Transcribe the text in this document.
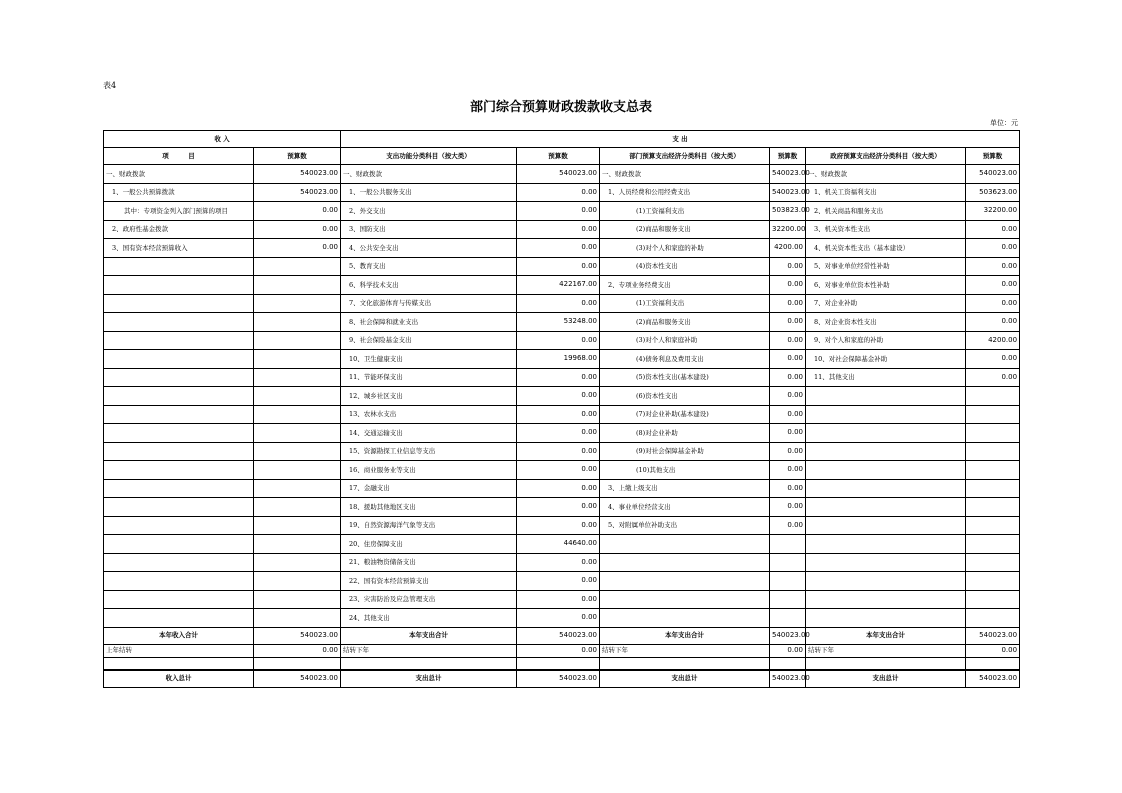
表4
部门综合预算财政拨款收支总表
单位：元
收 入		支 出					
项　　　目	预算数	支出功能分类科目（按大类）	预算数	部门预算支出经济分类科目（按大类）	预算数	政府预算支出经济分类科目（按大类）	预算数
一、财政拨款	540023.00	一、财政拨款	540023.00	一、财政拨款	540023.00	一、财政拨款	540023.00
1、一般公共预算拨款	540023.00	1、一般公共服务支出	0.00	1、人员经费和公用经费支出	540023.00	1、机关工资福利支出	503623.00
其中：专项资金列入部门预算的项目	0.00	2、外交支出	0.00	(1)工资福利支出	503823.00	2、机关商品和服务支出	32200.00
2、政府性基金拨款	0.00	3、国防支出	0.00	(2)商品和服务支出	32200.00	3、机关资本性支出	0.00
3、国有资本经营预算收入	0.00	4、公共安全支出	0.00	(3)对个人和家庭的补助	4200.00	4、机关资本性支出（基本建设）	0.00
		5、教育支出	0.00	(4)资本性支出	0.00	5、对事业单位经常性补助	0.00
		6、科学技术支出	422167.00	2、专项业务经费支出	0.00	6、对事业单位资本性补助	0.00
		7、文化旅游体育与传媒支出	0.00	(1)工资福利支出	0.00	7、对企业补助	0.00
		8、社会保障和就业支出	53248.00	(2)商品和服务支出	0.00	8、对企业资本性支出	0.00
		9、社会保险基金支出	0.00	(3)对个人和家庭补助	0.00	9、对个人和家庭的补助	4200.00
		10、卫生健康支出	19968.00	(4)债务利息及费用支出	0.00	10、对社会保障基金补助	0.00
		11、节能环保支出	0.00	(5)资本性支出(基本建设)	0.00	11、其他支出	0.00
		12、城乡社区支出	0.00	(6)资本性支出	0.00		
		13、农林水支出	0.00	(7)对企业补助(基本建设)	0.00		
		14、交通运输支出	0.00	(8)对企业补助	0.00		
		15、资源勘探工业信息等支出	0.00	(9)对社会保障基金补助	0.00		
		16、商业服务业等支出	0.00	(10)其他支出	0.00		
		17、金融支出	0.00	3、上缴上级支出	0.00		
		18、援助其他地区支出	0.00	4、事业单位经营支出	0.00		
		19、自然资源海洋气象等支出	0.00	5、对附属单位补助支出	0.00		
		20、住房保障支出	44640.00				
		21、粮油物资储备支出	0.00				
		22、国有资本经营预算支出	0.00				
		23、灾害防治及应急管理支出	0.00				
		24、其他支出	0.00				
本年收入合计	540023.00	本年支出合计	540023.00	本年支出合计	540023.00	本年支出合计	540023.00
上年结转	0.00	结转下年	0.00	结转下年	0.00	结转下年	0.00

收入总计	540023.00	支出总计	540023.00	支出总计	540023.00	支出总计	540023.00
